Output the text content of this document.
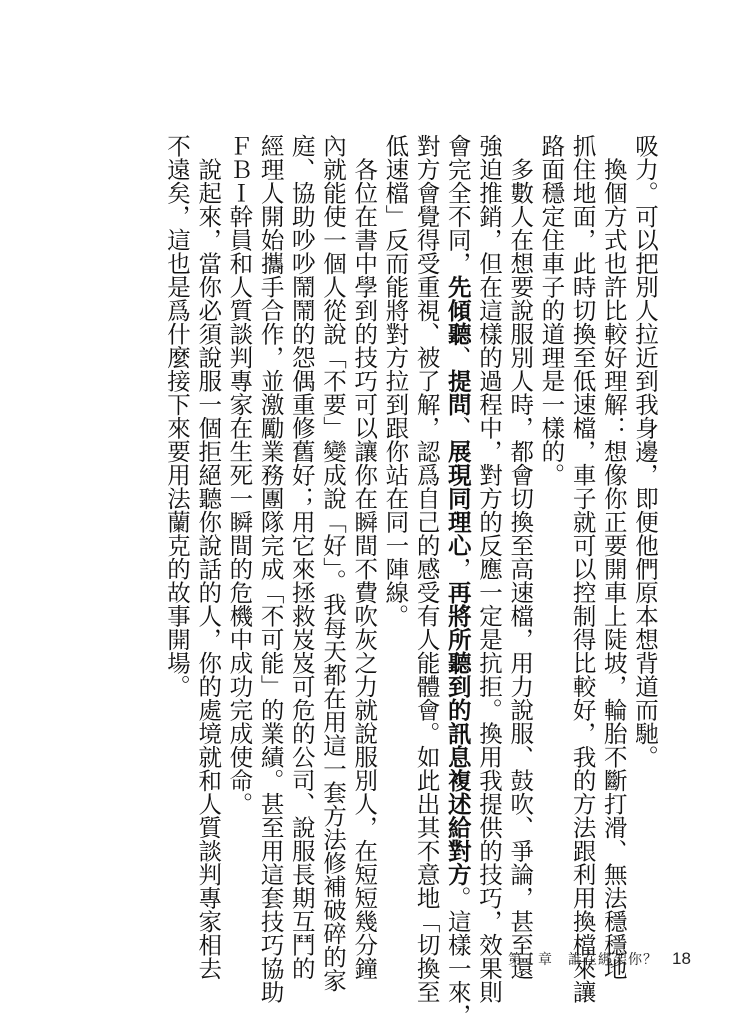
吸力。可以把別人拉近到我身邊，即便他們原本想背道而馳。
　換個方式也許比較好理解：想像你正要開車上陡坡，輪胎不斷打滑、無法穩穩地
抓住地面，此時切換至低速檔，車子就可以控制得比較好，我的方法跟利用換檔來讓
路面穩定住車子的道理是一樣的。
　多數人在想要說服別人時，都會切換至高速檔，用力說服、鼓吹、爭論，甚至還
強迫推銷，但在這樣的過程中，對方的反應一定是抗拒。換用我提供的技巧，效果則
會完全不同，先傾聽、提問、展現同理心，再將所聽到的訊息複述給對方。這樣一來，
對方會覺得受重視、被了解，認爲自己的感受有人能體會。如此出其不意地「切換至
低速檔」反而能將對方拉到跟你站在同一陣線。
　各位在書中學到的技巧可以讓你在瞬間不費吹灰之力就說服別人，在短短幾分鐘
內就能使一個人從說「不要」變成說「好」。我每天都在用這一套方法修補破碎的家
庭、協助吵吵鬧鬧的怨偶重修舊好；用它來拯救岌岌可危的公司、說服長期互鬥的
經理人開始攜手合作，並激勵業務團隊完成「不可能」的業績。甚至用這套技巧協助
ＦＢＩ幹員和人質談判專家在生死一瞬間的危機中成功完成使命。
　說起來，當你必須說服一個拒絕聽你說話的人，你的處境就和人質談判專家相去
不遠矣，這也是爲什麼接下來要用法蘭克的故事開場。
第１章　誰在綁架你？ 18
